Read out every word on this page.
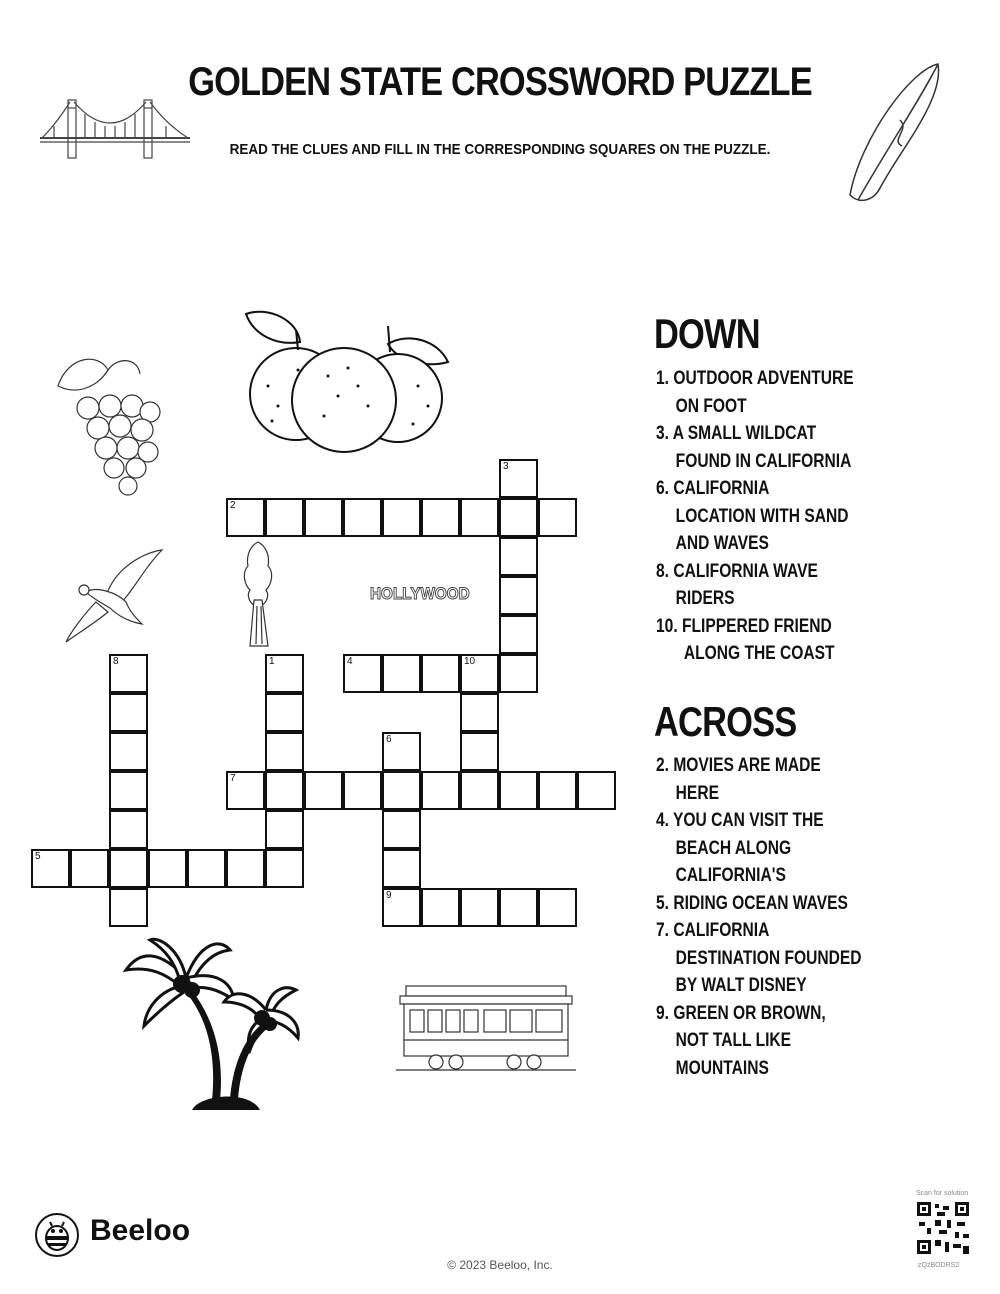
GOLDEN STATE CROSSWORD PUZZLE
READ THE CLUES AND FILL IN THE CORRESPONDING SQUARES ON THE PUZZLE.
HOLLYWOOD
1
2
3
4	10
5
6
9
7
8
DOWN
1. OUTDOOR ADVENTURE
ON FOOT
3. A SMALL WILDCAT
FOUND IN CALIFORNIA
6. CALIFORNIA
LOCATION WITH SAND
AND WAVES
8. CALIFORNIA WAVE
RIDERS
10. FLIPPERED FRIEND
ALONG THE COAST
ACROSS
2. MOVIES ARE MADE
HERE
4. YOU CAN VISIT THE
BEACH ALONG
CALIFORNIA'S
5. RIDING OCEAN WAVES
7. CALIFORNIA
DESTINATION FOUNDED
BY WALT DISNEY
9. GREEN OR BROWN,
NOT TALL LIKE
MOUNTAINS
Beeloo
© 2023 Beeloo, Inc.
Scan for solution
zQzBODRS2
